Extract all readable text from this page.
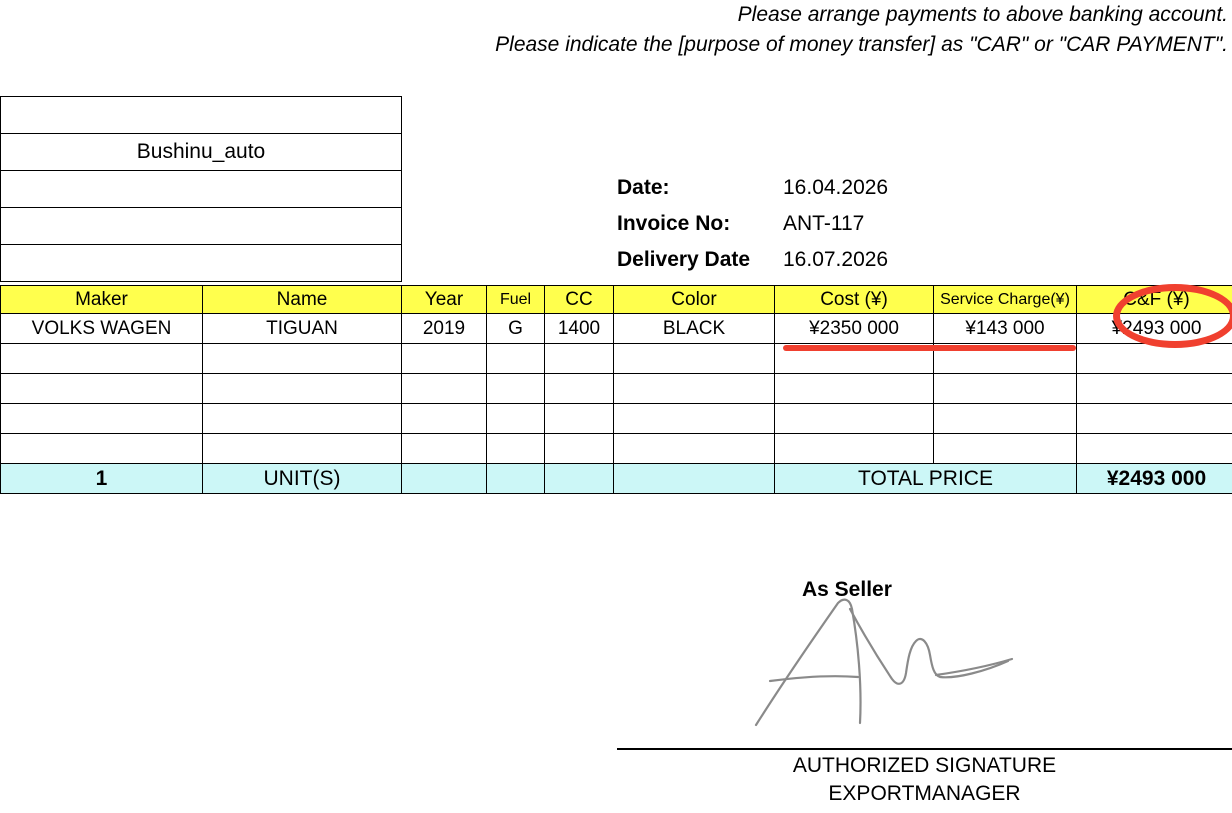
Please arrange payments to above banking account.
Please indicate the [purpose of money transfer] as "CAR" or "CAR PAYMENT".

Bushinu_auto

Date:	16.04.2026
Invoice No:	ANT-117
Delivery Date	16.07.2026
Maker	Name	Year	Fuel	CC	Color	Cost (¥)	Service Charge(¥)	C&F (¥)
VOLKS WAGEN	TIGUAN	2019	G	1400	BLACK	¥2350 000	¥143 000	¥2493 000

1	UNIT(S)					TOTAL PRICE		¥2493 000
As Seller
AUTHORIZED SIGNATURE
EXPORTMANAGER
